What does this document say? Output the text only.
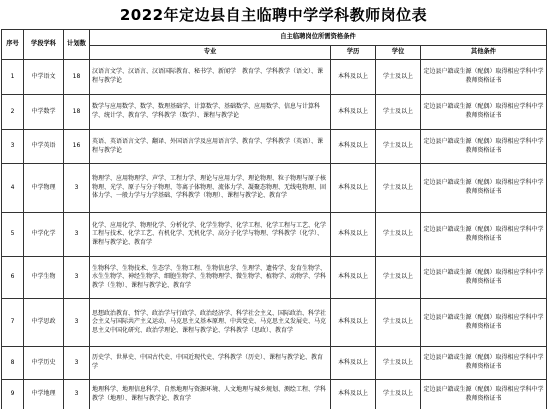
2022年定边县自主临聘中学学科教师岗位表
序号	学段学科	计划数	自主临聘岗位所需资格条件			
			专业	学历	学位	其他条件
1	中学语文	18	汉语言文学、汉语言、汉语国际教育、秘书学、新闻学　教育学、学科教学（语文）、课程与教学论	本科及以上	学士及以上	定边县户籍或生源（配偶）取得相应学科中学教师资格证书
2	中学数学	18	数学与应用数学、数学、数理基础学、计算数学、基础数学、应用数学、信息与计算科学、统计学、教育学、学科教学（数学）、课程与教学论	本科及以上	学士及以上	定边县户籍或生源（配偶）取得相应学科中学教师资格证书
3	中学英语	16	英语、英语语言文学、翻译、外国语言学及应用语言学、教育学、学科教学（英语）、课程与教学论	本科及以上	学士及以上	定边县户籍或生源（配偶）取得相应学科中学教师资格证书
4	中学物理	3	物理学、应用物理学、声学、工程力学、理论与应用力学、理论物理、粒子物理与原子核物理、光学、原子与分子物理、等离子体物理、流体力学、凝聚态物理、无线电物理、固体力学、一般力学与力学基础、学科教学（物理）、课程与教学论、教育学	本科及以上	学士及以上	定边县户籍或生源（配偶）取得相应学科中学教师资格证书
5	中学化学	3	化学、应用化学、物理化学、分析化学、化学生物学、化学工程、化学工程与工艺、化学工程与技术、化学工艺、有机化学、无机化学、高分子化学与物理、学科教学（化学）、课程与教学论、教育学	本科及以上	学士及以上	定边县户籍或生源（配偶）取得相应学科中学教师资格证书
6	中学生物	3	生物科学、生物技术、生态学、生物工程、生物信息学、生理学、遗传学、发育生物学、水生生物学、神经生物学、细胞生物学、生物物理学、微生物学、植物学、动物学、学科教学（生物）、课程与教学论、教育学	本科及以上	学士及以上	定边县户籍或生源（配偶）取得相应学科中学教师资格证书
7	中学思政	3	思想政治教育、哲学、政治学与行政学、政治经济学、科学社会主义、国际政治、科学社会主义与国际共产主义运动、马克思主义基本原理、中共党史、马克思主义发展史、马克思主义中国化研究、政治学理论、课程与教学论、学科教学（思政）、教育学	本科及以上	学士及以上	定边县户籍或生源（配偶）取得相应学科中学教师资格证书
8	中学历史	3	历史学、世界史、中国古代史、中国近现代史、学科教学（历史）、课程与教学论、教育学	本科及以上	学士及以上	定边县户籍或生源（配偶）取得相应学科中学教师资格证书
9	中学地理	3	地理科学、地理信息科学、自然地理与资源环境、人文地理与城乡规划、测绘工程、学科教学（地理）、课程与教学论、教育学	本科及以上	学士及以上	定边县户籍或生源（配偶）取得相应学科中学教师资格证书
